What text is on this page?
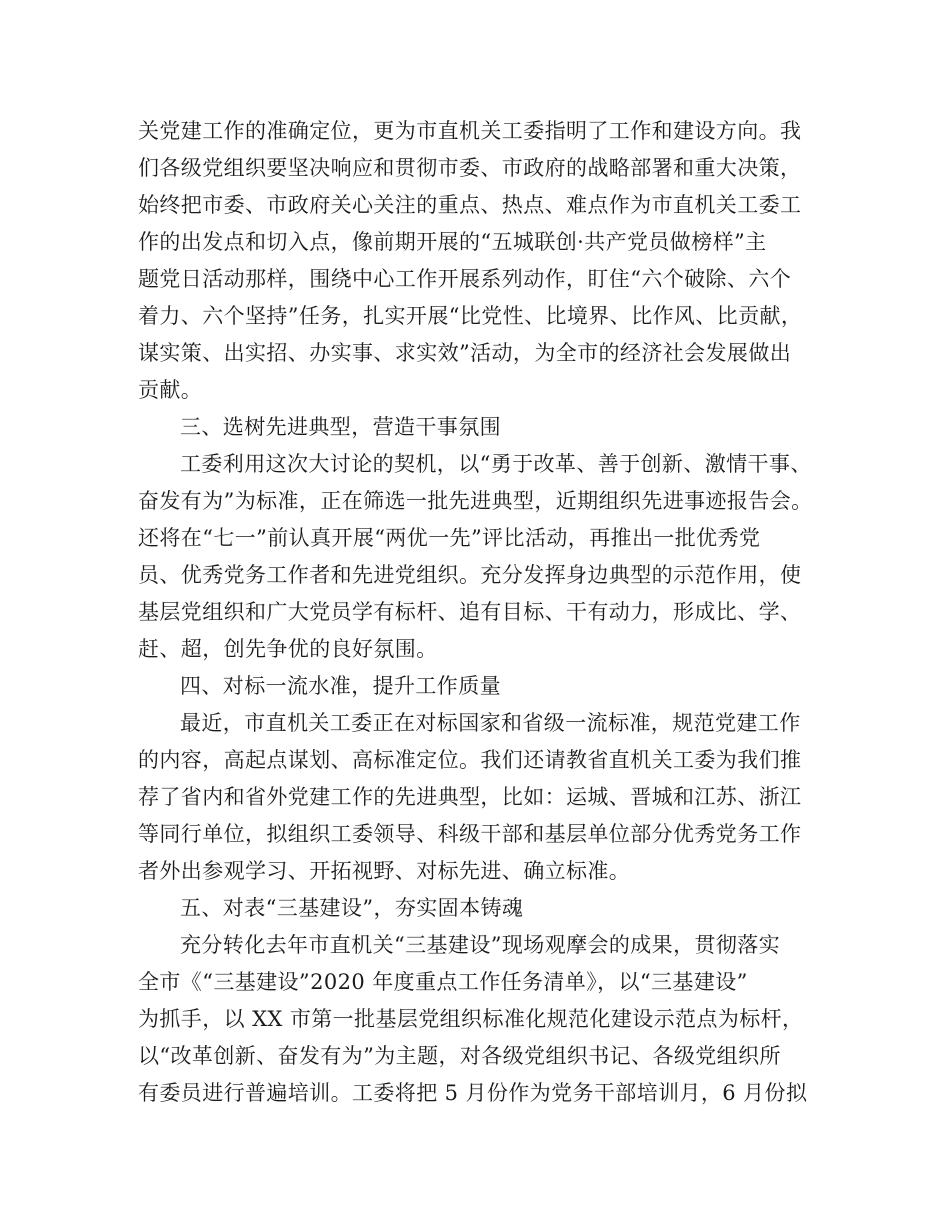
关党建工作的准确定位，更为市直机关工委指明了工作和建设方向。我
们各级党组织要坚决响应和贯彻市委、市政府的战略部署和重大决策，
始终把市委、市政府关心关注的重点、热点、难点作为市直机关工委工
作的出发点和切入点，像前期开展的“五城联创·共产党员做榜样”主
题党日活动那样，围绕中心工作开展系列动作，盯住“六个破除、六个
着力、六个坚持”任务，扎实开展“比党性、比境界、比作风、比贡献，
谋实策、出实招、办实事、求实效”活动，为全市的经济社会发展做出
贡献。
三、选树先进典型，营造干事氛围
工委利用这次大讨论的契机，以“勇于改革、善于创新、激情干事、
奋发有为”为标准，正在筛选一批先进典型，近期组织先进事迹报告会。
还将在“七一”前认真开展“两优一先”评比活动，再推出一批优秀党
员、优秀党务工作者和先进党组织。充分发挥身边典型的示范作用，使
基层党组织和广大党员学有标杆、追有目标、干有动力，形成比、学、
赶、超，创先争优的良好氛围。
四、对标一流水准，提升工作质量
最近，市直机关工委正在对标国家和省级一流标准，规范党建工作
的内容，高起点谋划、高标准定位。我们还请教省直机关工委为我们推
荐了省内和省外党建工作的先进典型，比如：运城、晋城和江苏、浙江
等同行单位，拟组织工委领导、科级干部和基层单位部分优秀党务工作
者外出参观学习、开拓视野、对标先进、确立标准。
五、对表“三基建设”，夯实固本铸魂
充分转化去年市直机关“三基建设”现场观摩会的成果，贯彻落实
全市《“三基建设”2020 年度重点工作任务清单》，以“三基建设”
为抓手，以 XX 市第一批基层党组织标准化规范化建设示范点为标杆，
以“改革创新、奋发有为”为主题，对各级党组织书记、各级党组织所
有委员进行普遍培训。工委将把 5 月份作为党务干部培训月，6 月份拟
